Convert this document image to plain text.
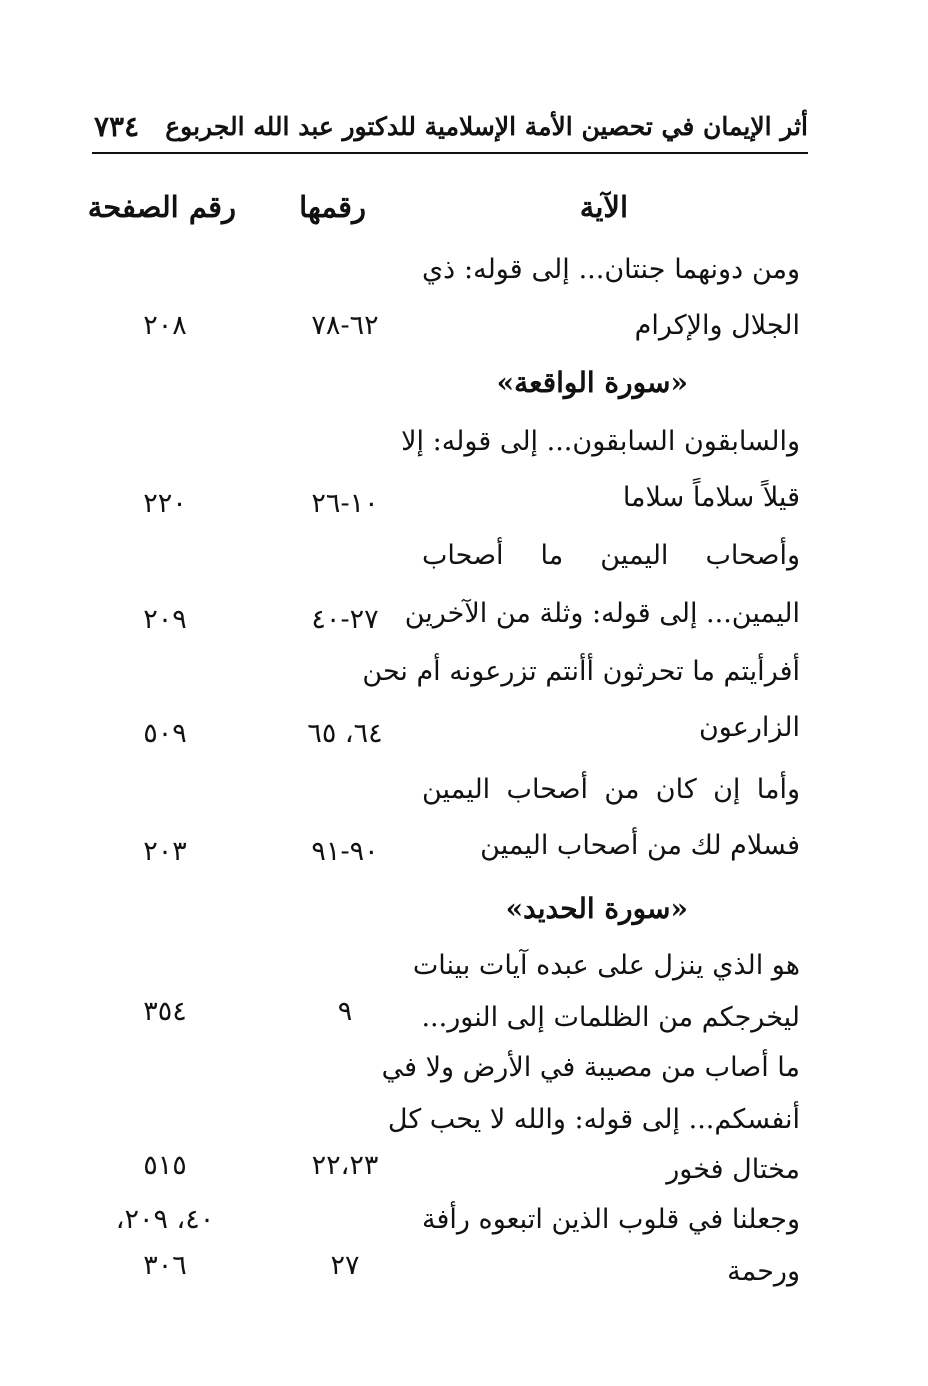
أثر الإيمان في تحصين الأمة الإسلامية للدكتور عبد الله الجربوع
٧٣٤
الآية
رقمها
رقم الصفحة
ومن دونهما جنتان... إلى قوله: ذي
الجلال والإكرام
٦٢-٧٨
٢٠٨
«سورة الواقعة»
والسابقون السابقون... إلى قوله: إلا
قيلاً سلاماً سلاما
١٠-٢٦
٢٢٠
وأصحاب اليمين ما أصحاب
اليمين... إلى قوله: وثلة من الآخرين
٢٧-٤٠
٢٠٩
أفرأيتم ما تحرثون أأنتم تزرعونه أم نحن
الزارعون
٦٤، ٦٥
٥٠٩
وأما إن كان من أصحاب اليمين
فسلام لك من أصحاب اليمين
٩٠-٩١
٢٠٣
«سورة الحديد»
هو الذي ينزل على عبده آيات بينات
ليخرجكم من الظلمات إلى النور...
٩
٣٥٤
ما أصاب من مصيبة في الأرض ولا في
أنفسكم... إلى قوله: والله لا يحب كل
مختال فخور
٢٢،٢٣
٥١٥
وجعلنا في قلوب الذين اتبعوه رأفة
ورحمة
٢٧
٤٠، ٢٠٩،
٣٠٦
